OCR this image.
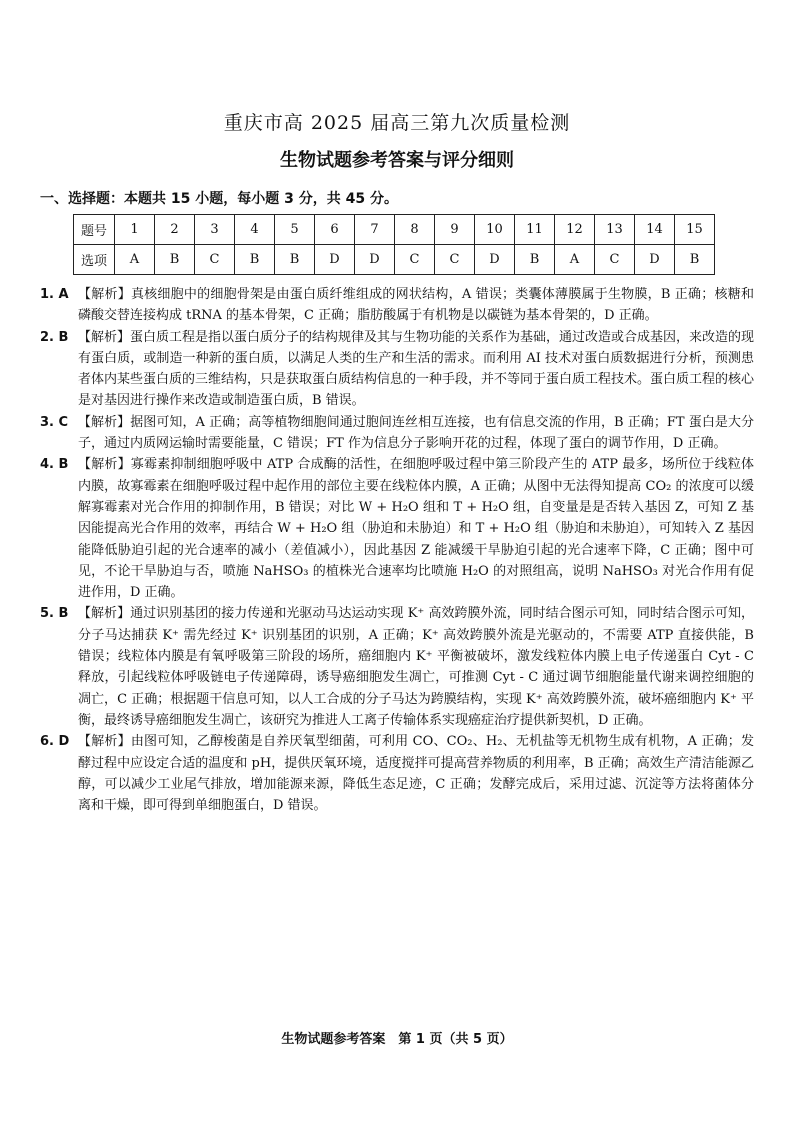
重庆市高 2025 届高三第九次质量检测
生物试题参考答案与评分细则
一、选择题：本题共 15 小题，每小题 3 分，共 45 分。
题号	1	2	3	4	5	6	7	8	9	10	11	12	13	14	15
选项	A	B	C	B	B	D	D	C	C	D	B	A	C	D	B
1. A 【解析】真核细胞中的细胞骨架是由蛋白质纤维组成的网状结构，A 错误；类囊体薄膜属于生物膜，B 正确；核糖和磷酸交替连接构成 tRNA 的基本骨架，C 正确；脂肪酸属于有机物是以碳链为基本骨架的，D 正确。
2. B 【解析】蛋白质工程是指以蛋白质分子的结构规律及其与生物功能的关系作为基础，通过改造或合成基因，来改造的现有蛋白质，或制造一种新的蛋白质，以满足人类的生产和生活的需求。而利用 AI 技术对蛋白质数据进行分析，预测患者体内某些蛋白质的三维结构，只是获取蛋白质结构信息的一种手段，并不等同于蛋白质工程技术。蛋白质工程的核心是对基因进行操作来改造或制造蛋白质，B 错误。
3. C 【解析】据图可知，A 正确；高等植物细胞间通过胞间连丝相互连接，也有信息交流的作用，B 正确；FT 蛋白是大分子，通过内质网运输时需要能量，C 错误；FT 作为信息分子影响开花的过程，体现了蛋白的调节作用，D 正确。
4. B 【解析】寡霉素抑制细胞呼吸中 ATP 合成酶的活性，在细胞呼吸过程中第三阶段产生的 ATP 最多，场所位于线粒体内膜，故寡霉素在细胞呼吸过程中起作用的部位主要在线粒体内膜，A 正确；从图中无法得知提高 CO₂ 的浓度可以缓解寡霉素对光合作用的抑制作用，B 错误；对比 W + H₂O 组和 T + H₂O 组，自变量是是否转入基因 Z，可知 Z 基因能提高光合作用的效率，再结合 W + H₂O 组（胁迫和未胁迫）和 T + H₂O 组（胁迫和未胁迫），可知转入 Z 基因能降低胁迫引起的光合速率的减小（差值减小），因此基因 Z 能减缓干旱胁迫引起的光合速率下降，C 正确；图中可见，不论干旱胁迫与否，喷施 NaHSO₃ 的植株光合速率均比喷施 H₂O 的对照组高，说明 NaHSO₃ 对光合作用有促进作用，D 正确。
5. B 【解析】通过识别基团的接力传递和光驱动马达运动实现 K⁺ 高效跨膜外流，同时结合图示可知，同时结合图示可知，分子马达捕获 K⁺ 需先经过 K⁺ 识别基团的识别，A 正确；K⁺ 高效跨膜外流是光驱动的，不需要 ATP 直接供能，B 错误；线粒体内膜是有氧呼吸第三阶段的场所，癌细胞内 K⁺ 平衡被破坏，激发线粒体内膜上电子传递蛋白 Cyt - C 释放，引起线粒体呼吸链电子传递障碍，诱导癌细胞发生凋亡，可推测 Cyt - C 通过调节细胞能量代谢来调控细胞的凋亡，C 正确；根据题干信息可知，以人工合成的分子马达为跨膜结构，实现 K⁺ 高效跨膜外流，破坏癌细胞内 K⁺ 平衡，最终诱导癌细胞发生凋亡，该研究为推进人工离子传输体系实现癌症治疗提供新契机，D 正确。
6. D 【解析】由图可知，乙醇梭菌是自养厌氧型细菌，可利用 CO、CO₂、H₂、无机盐等无机物生成有机物，A 正确；发酵过程中应设定合适的温度和 pH，提供厌氧环境，适度搅拌可提高营养物质的利用率，B 正确；高效生产清洁能源乙醇，可以减少工业尾气排放，增加能源来源，降低生态足迹，C 正确；发酵完成后，采用过滤、沉淀等方法将菌体分离和干燥，即可得到单细胞蛋白，D 错误。
生物试题参考答案　第 1 页（共 5 页）
